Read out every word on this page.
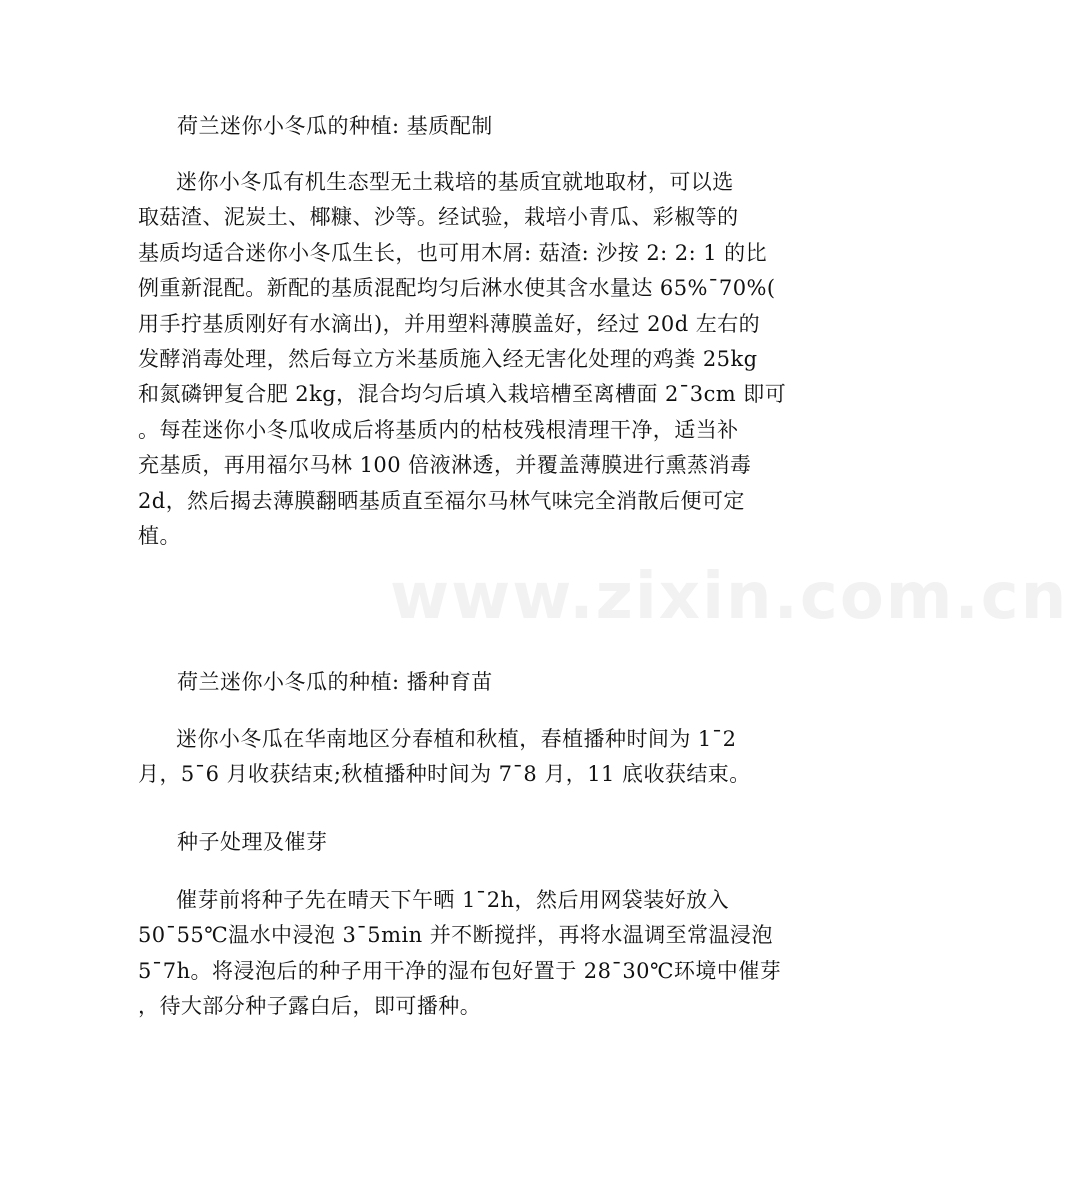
www.zixin.com.cn
荷兰迷你小冬瓜的种植: 基质配制
迷你小冬瓜有机生态型无土栽培的基质宜就地取材，可以选
取菇渣、泥炭土、椰糠、沙等。经试验，栽培小青瓜、彩椒等的
基质均适合迷你小冬瓜生长，也可用木屑: 菇渣: 沙按 2: 2: 1 的比
例重新混配。新配的基质混配均匀后淋水使其含水量达 65%¯70%(
用手拧基质刚好有水滴出)，并用塑料薄膜盖好，经过 20d 左右的
发酵消毒处理，然后每立方米基质施入经无害化处理的鸡粪 25kg
和氮磷钾复合肥 2kg，混合均匀后填入栽培槽至离槽面 2¯3cm 即可
。每茬迷你小冬瓜收成后将基质内的枯枝残根清理干净，适当补
充基质，再用福尔马林 100 倍液淋透，并覆盖薄膜进行熏蒸消毒
2d，然后揭去薄膜翻晒基质直至福尔马林气味完全消散后便可定
植。
荷兰迷你小冬瓜的种植: 播种育苗
迷你小冬瓜在华南地区分春植和秋植，春植播种时间为 1¯2
月，5¯6 月收获结束;秋植播种时间为 7¯8 月，11 底收获结束。
种子处理及催芽
催芽前将种子先在晴天下午晒 1¯2h，然后用网袋装好放入
50¯55℃温水中浸泡 3¯5min 并不断搅拌，再将水温调至常温浸泡
5¯7h。将浸泡后的种子用干净的湿布包好置于 28¯30℃环境中催芽
，待大部分种子露白后，即可播种。
